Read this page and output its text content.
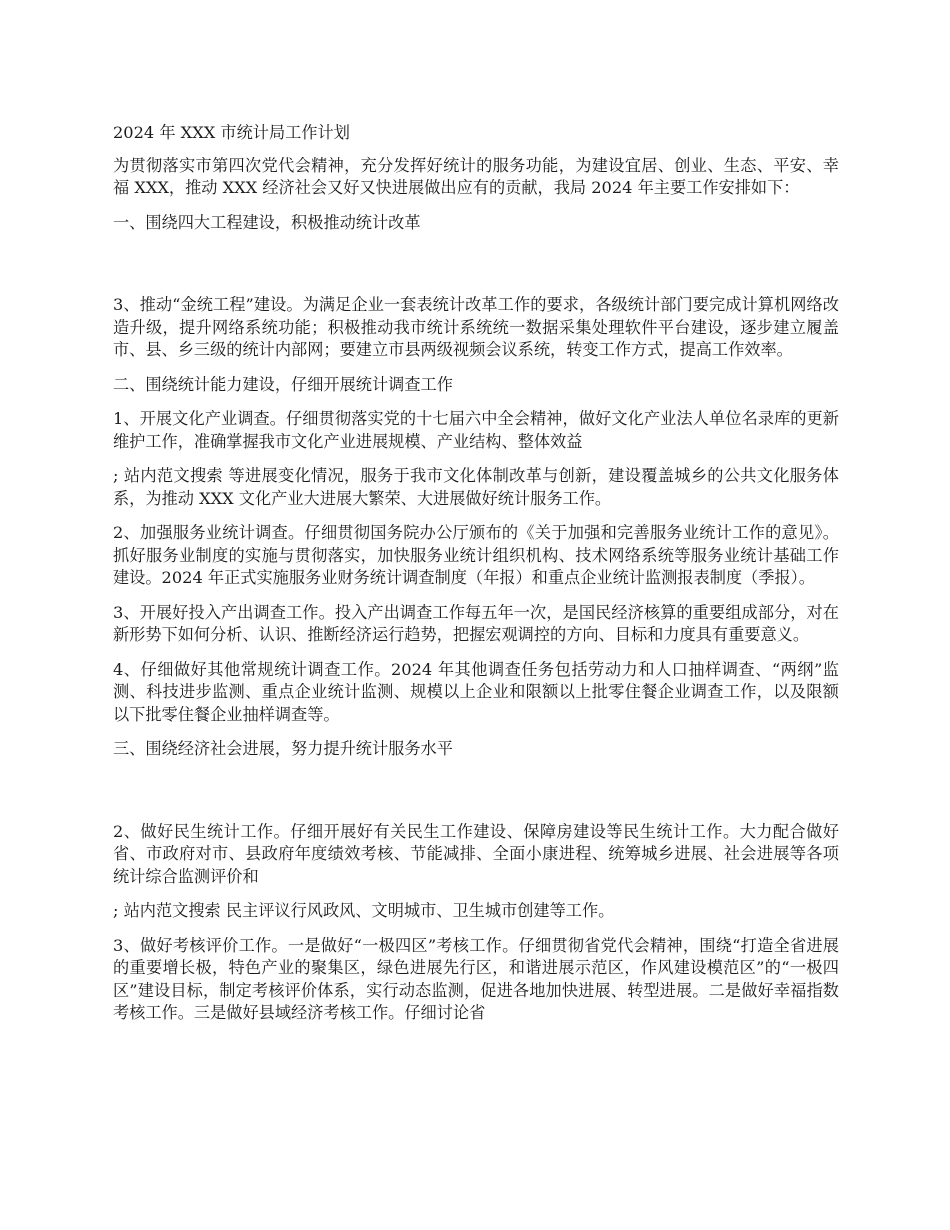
2024 年 XXX 市统计局工作计划

为贯彻落实市第四次党代会精神，充分发挥好统计的服务功能，为建设宜居、创业、生态、平安、幸福 XXX，推动 XXX 经济社会又好又快进展做出应有的贡献，我局 2024 年主要工作安排如下：

一、围绕四大工程建设，积极推动统计改革

3、推动“金统工程”建设。为满足企业一套表统计改革工作的要求，各级统计部门要完成计算机网络改造升级，提升网络系统功能；积极推动我市统计系统统一数据采集处理软件平台建设，逐步建立履盖市、县、乡三级的统计内部网；要建立市县两级视频会议系统，转变工作方式，提高工作效率。

二、围绕统计能力建设，仔细开展统计调查工作

1、开展文化产业调查。仔细贯彻落实党的十七届六中全会精神，做好文化产业法人单位名录库的更新维护工作，准确掌握我市文化产业进展规模、产业结构、整体效益

; 站内范文搜索 等进展变化情况，服务于我市文化体制改革与创新，建设覆盖城乡的公共文化服务体系，为推动 XXX 文化产业大进展大繁荣、大进展做好统计服务工作。

2、加强服务业统计调查。仔细贯彻国务院办公厅颁布的《关于加强和完善服务业统计工作的意见》。抓好服务业制度的实施与贯彻落实，加快服务业统计组织机构、技术网络系统等服务业统计基础工作建设。2024 年正式实施服务业财务统计调查制度（年报）和重点企业统计监测报表制度（季报）。

3、开展好投入产出调查工作。投入产出调查工作每五年一次，是国民经济核算的重要组成部分，对在新形势下如何分析、认识、推断经济运行趋势，把握宏观调控的方向、目标和力度具有重要意义。

4、仔细做好其他常规统计调查工作。2024 年其他调查任务包括劳动力和人口抽样调查、“两纲”监测、科技进步监测、重点企业统计监测、规模以上企业和限额以上批零住餐企业调查工作，以及限额以下批零住餐企业抽样调查等。

三、围绕经济社会进展，努力提升统计服务水平

2、做好民生统计工作。仔细开展好有关民生工作建设、保障房建设等民生统计工作。大力配合做好省、市政府对市、县政府年度绩效考核、节能减排、全面小康进程、统筹城乡进展、社会进展等各项统计综合监测评价和

; 站内范文搜索 民主评议行风政风、文明城市、卫生城市创建等工作。

3、做好考核评价工作。一是做好“一极四区”考核工作。仔细贯彻省党代会精神，围绕“打造全省进展的重要增长极，特色产业的聚集区，绿色进展先行区，和谐进展示范区，作风建设模范区”的“一极四区”建设目标，制定考核评价体系，实行动态监测，促进各地加快进展、转型进展。二是做好幸福指数考核工作。三是做好县域经济考核工作。仔细讨论省
